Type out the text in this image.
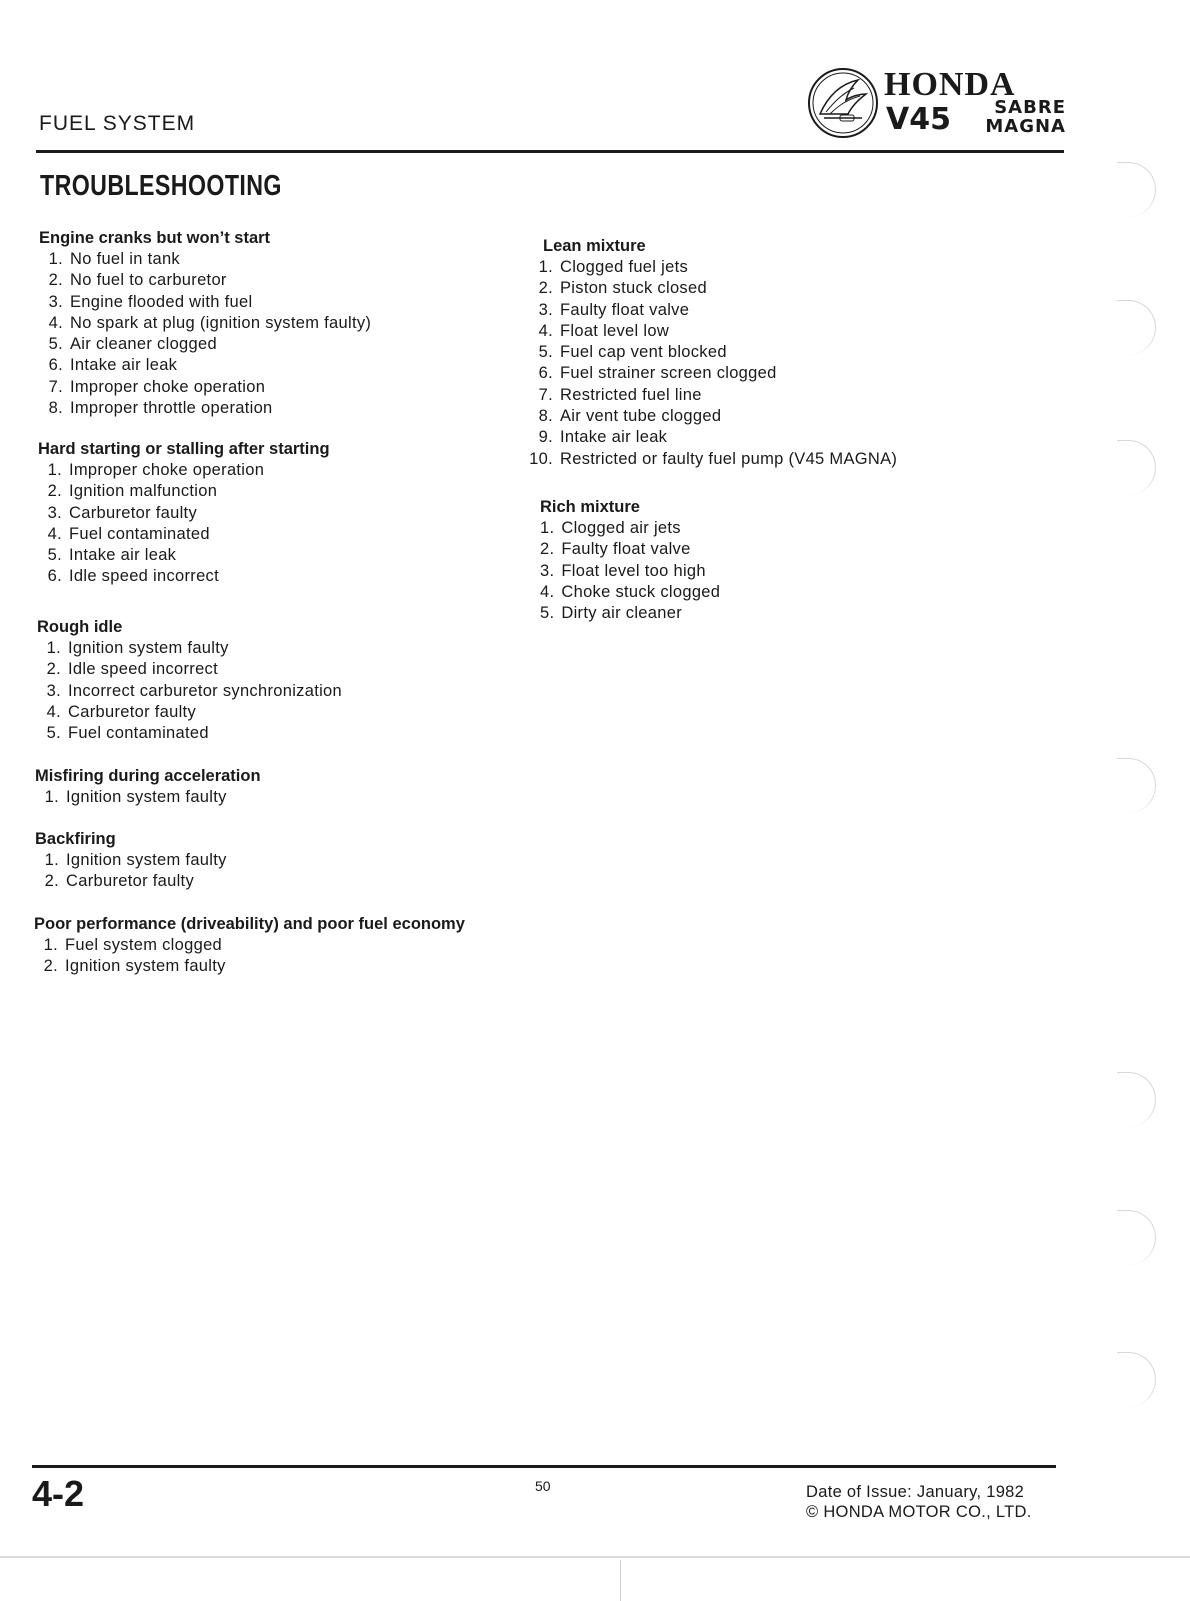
FUEL SYSTEM
HONDA
V45	SABRE
MAGNA
TROUBLESHOOTING
Engine cranks but won’t start
1. No fuel in tank
2. No fuel to carburetor
3. Engine flooded with fuel
4. No spark at plug (ignition system faulty)
5. Air cleaner clogged
6. Intake air leak
7. Improper choke operation
8. Improper throttle operation
Hard starting or stalling after starting
1. Improper choke operation
2. Ignition malfunction
3. Carburetor faulty
4. Fuel contaminated
5. Intake air leak
6. Idle speed incorrect
Rough idle
1. Ignition system faulty
2. Idle speed incorrect
3. Incorrect carburetor synchronization
4. Carburetor faulty
5. Fuel contaminated
Misfiring during acceleration
1. Ignition system faulty
Backfiring
1. Ignition system faulty
2. Carburetor faulty
Poor performance (driveability) and poor fuel economy
1. Fuel system clogged
2. Ignition system faulty
Lean mixture
1. Clogged fuel jets
2. Piston stuck closed
3. Faulty float valve
4. Float level low
5. Fuel cap vent blocked
6. Fuel strainer screen clogged
7. Restricted fuel line
8. Air vent tube clogged
9. Intake air leak
10. Restricted or faulty fuel pump (V45 MAGNA)
Rich mixture
1. Clogged air jets
2. Faulty float valve
3. Float level too high
4. Choke stuck clogged
5. Dirty air cleaner
4-2	50	Date of Issue: January, 1982
© HONDA MOTOR CO., LTD.
